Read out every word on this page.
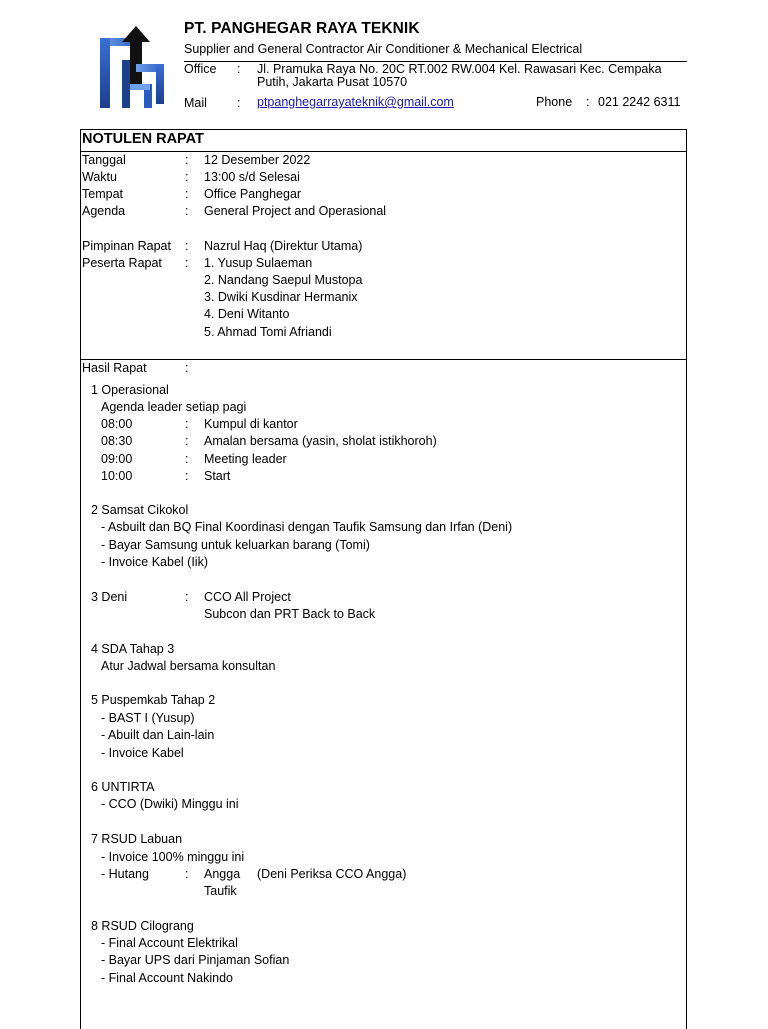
PT. PANGHEGAR RAYA TEKNIK
Supplier and General Contractor Air Conditioner & Mechanical Electrical
Office : Jl. Pramuka Raya No. 20C RT.002 RW.004 Kel. Rawasari Kec. Cempaka
Putih, Jakarta Pusat 10570
Mail : ptpanghegarrayateknik@gmail.com	Phone : 021 2242 6311
NOTULEN RAPAT
Tanggal	: 12 Desember 2022
Waktu	: 13:00 s/d Selesai
Tempat	: Office Panghegar
Agenda	: General Project and Operasional
Pimpinan Rapat : Nazrul Haq (Direktur Utama)
Peserta Rapat : 1. Yusup Sulaeman
2. Nandang Saepul Mustopa
3. Dwiki Kusdinar Hermanix
4. Deni Witanto
5. Ahmad Tomi Afriandi
Hasil Rapat	:
1 Operasional
Agenda leader setiap pagi
08:00	: Kumpul di kantor
08:30	: Amalan bersama (yasin, sholat istikhoroh)
09:00	: Meeting leader
10:00	: Start
2 Samsat Cikokol
- Asbuilt dan BQ Final Koordinasi dengan Taufik Samsung dan Irfan (Deni)
- Bayar Samsung untuk keluarkan barang (Tomi)
- Invoice Kabel (Iik)
3 Deni	: CCO All Project
Subcon dan PRT Back to Back
4 SDA Tahap 3
Atur Jadwal bersama konsultan
5 Puspemkab Tahap 2
- BAST I (Yusup)
- Abuilt dan Lain-lain
- Invoice Kabel
6 UNTIRTA
- CCO (Dwiki) Minggu ini
7 RSUD Labuan
- Invoice 100% minggu ini
- Hutang	: Angga (Deni Periksa CCO Angga)
Taufik
8 RSUD Cilograng
- Final Account Elektrikal
- Bayar UPS dari Pinjaman Sofian
- Final Account Nakindo
